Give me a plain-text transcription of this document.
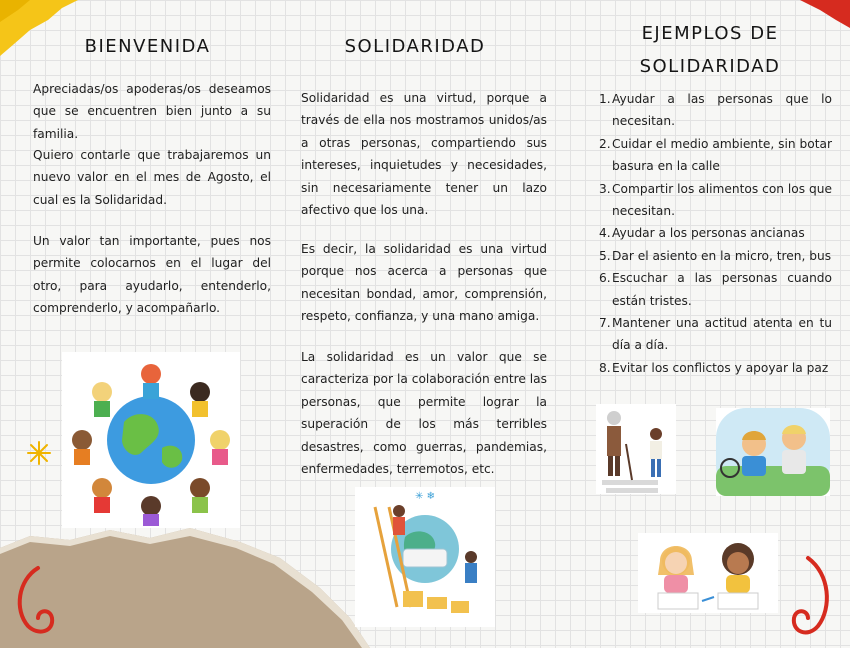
BIENVENIDA

Apreciadas/os apoderas/os deseamos que se encuentren bien junto a su familia.

Quiero contarle que trabajaremos un nuevo valor en el mes de Agosto, el cual es la Solidaridad.

Un valor tan importante, pues nos permite colocarnos en el lugar del otro, para ayudarlo, entenderlo, comprenderlo, y acompañarlo.

SOLIDARIDAD

Solidaridad es una virtud, porque a través de ella nos mostramos unidos/as a otras personas, compartiendo sus intereses, inquietudes y necesidades, sin necesariamente tener un lazo afectivo que los una.

Es decir, la solidaridad es una virtud porque nos acerca a personas que necesitan bondad, amor, comprensión, respeto, confianza, y una mano amiga.

La solidaridad es un valor que se caracteriza por la colaboración entre las personas, que permite lograr la superación de los más terribles desastres, como guerras, pandemias, enfermedades, terremotos, etc.

✳ ❄
EJEMPLOS DE
SOLIDARIDAD
1. Ayudar a las personas que lo necesitan.
2. Cuidar el medio ambiente, sin botar basura en la calle
3. Compartir los alimentos con los que necesitan.
4. Ayudar a los personas ancianas
5. Dar el asiento en la micro, tren, bus
6. Escuchar a las personas cuando están tristes.
7. Mantener una actitud atenta en tu día a día.
8. Evitar los conflictos y apoyar la paz
